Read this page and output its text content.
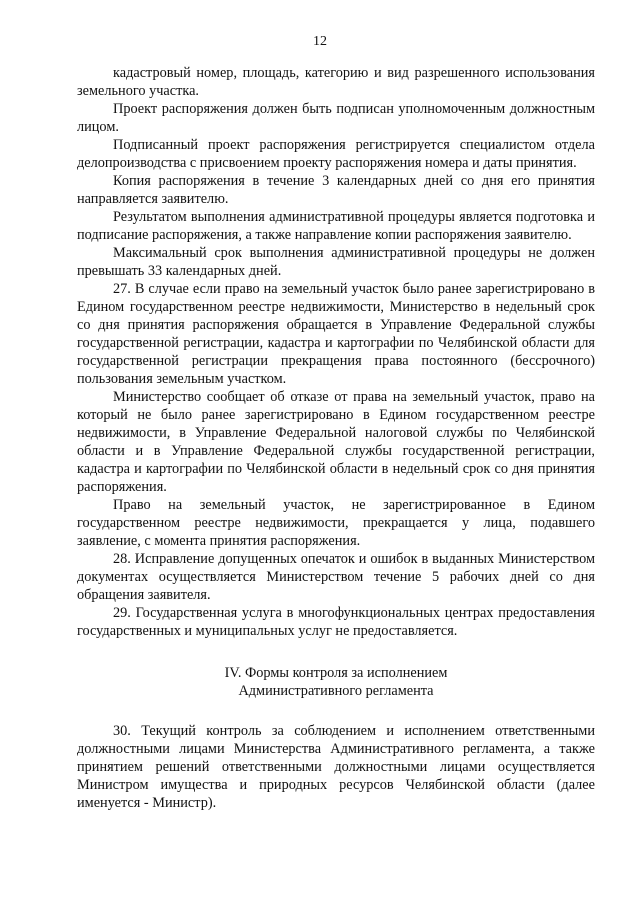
12

кадастровый номер, площадь, категорию и вид разрешенного использования земельного участка.

Проект распоряжения должен быть подписан уполномоченным должностным лицом.

Подписанный проект распоряжения регистрируется специалистом отдела делопроизводства с присвоением проекту распоряжения номера и даты принятия.

Копия распоряжения в течение 3 календарных дней со дня его принятия направляется заявителю.

Результатом выполнения административной процедуры является подготовка и подписание распоряжения, а также направление копии распоряжения заявителю.

Максимальный срок выполнения административной процедуры не должен превышать 33 календарных дней.

27. В случае если право на земельный участок было ранее зарегистрировано в Едином государственном реестре недвижимости, Министерство в недельный срок со дня принятия распоряжения обращается в Управление Федеральной службы государственной регистрации, кадастра и картографии по Челябинской области для государственной регистрации прекращения права постоянного (бессрочного) пользования земельным участком.

Министерство сообщает об отказе от права на земельный участок, право на который не было ранее зарегистрировано в Едином государственном реестре недвижимости, в Управление Федеральной налоговой службы по Челябинской области и в Управление Федеральной службы государственной регистрации, кадастра и картографии по Челябинской области в недельный срок со дня принятия распоряжения.

Право на земельный участок, не зарегистрированное в Едином государственном реестре недвижимости, прекращается у лица, подавшего заявление, с момента принятия распоряжения.

28. Исправление допущенных опечаток и ошибок в выданных Министерством документах осуществляется Министерством течение 5 рабочих дней со дня обращения заявителя.

29. Государственная услуга в многофункциональных центрах предоставления государственных и муниципальных услуг не предоставляется.

IV. Формы контроля за исполнением
Административного регламента

30. Текущий контроль за соблюдением и исполнением ответственными должностными лицами Министерства Административного регламента, а также принятием решений ответственными должностными лицами осуществляется Министром имущества и природных ресурсов Челябинской области (далее именуется - Министр).
